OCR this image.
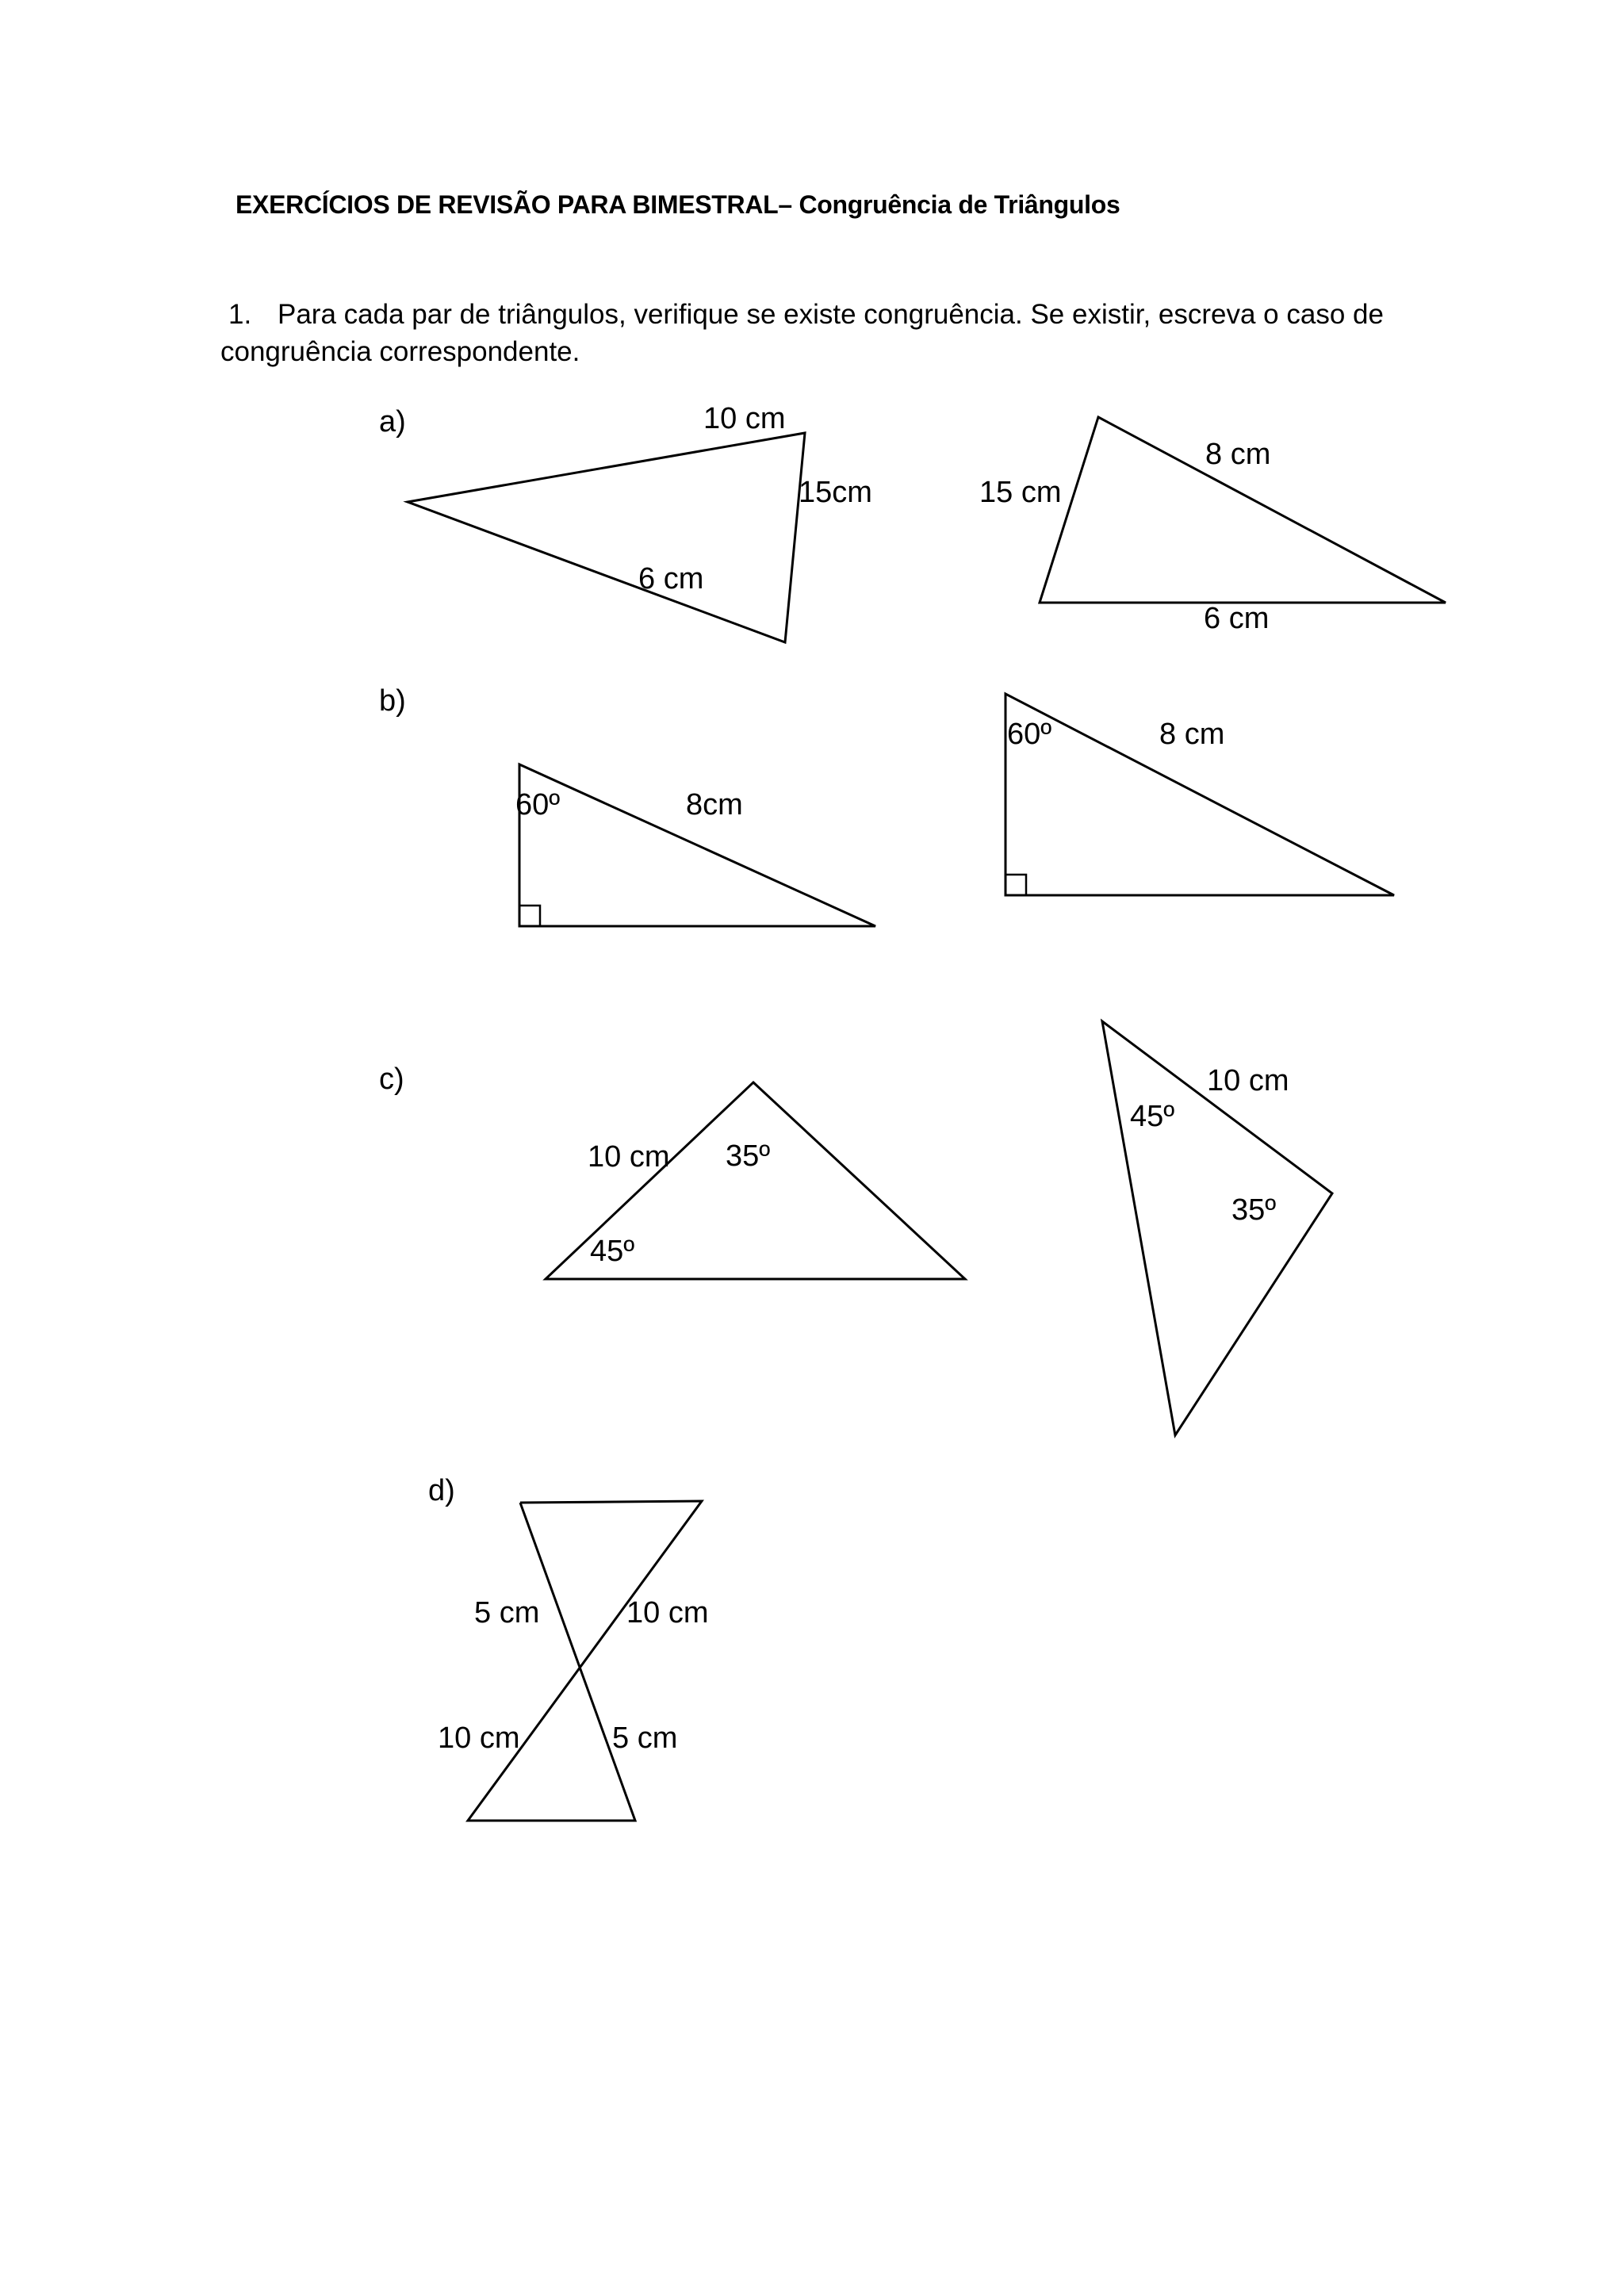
EXERCÍCIOS DE REVISÃO PARA BIMESTRAL– Congruência de Triângulos
1. Para cada par de triângulos, verifique se existe congruência. Se existir, escreva o caso de congruência correspondente.
a)	10 cm
15cm
6 cm
8 cm
15 cm
6 cm
b)
60º	8cm
60º	8 cm
c)
10 cm 35º
45º
10 cm
45º
35º
d)
5 cm	10 cm
10 cm	5 cm
